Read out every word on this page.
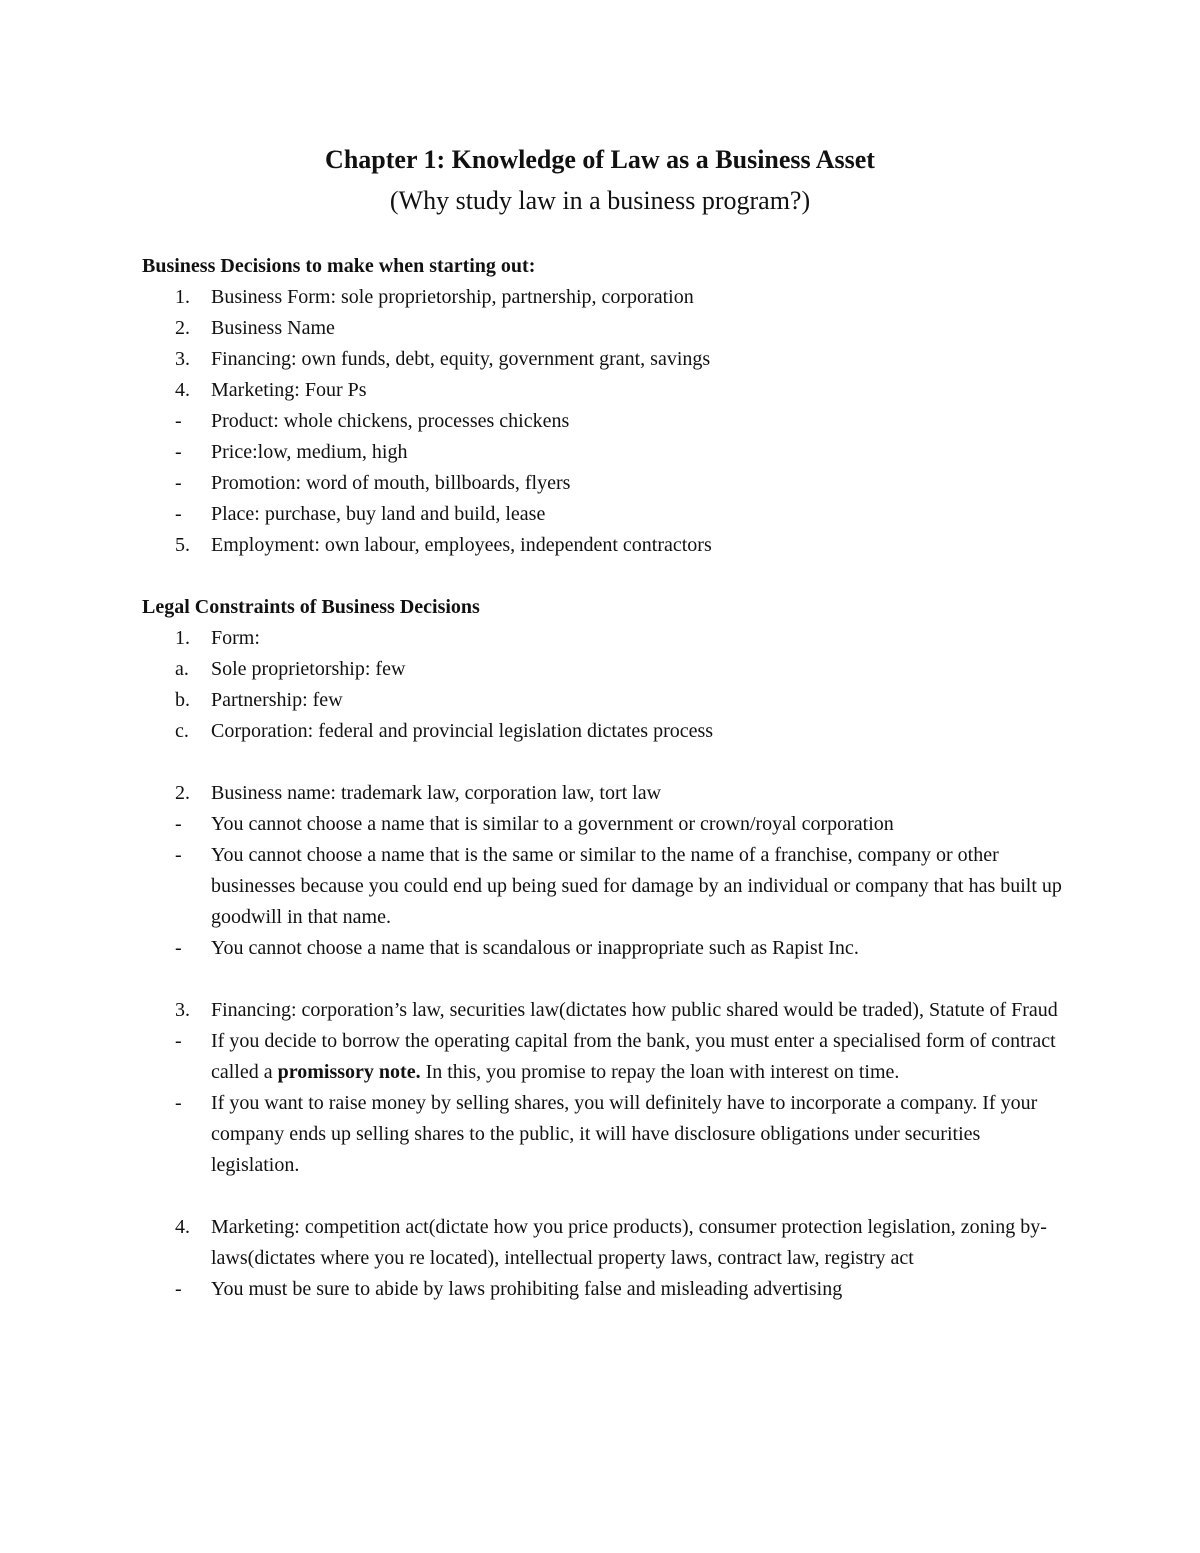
Chapter 1: Knowledge of Law as a Business Asset
(Why study law in a business program?)
Business Decisions to make when starting out:
1.	Business Form: sole proprietorship, partnership, corporation
2.	Business Name
3.	Financing: own funds, debt, equity, government grant, savings
4.	Marketing: Four Ps
-	Product: whole chickens, processes chickens
-	Price:low, medium, high
-	Promotion: word of mouth, billboards, flyers
-	Place: purchase, buy land and build, lease
5.	Employment: own labour, employees, independent contractors
Legal Constraints of Business Decisions
1.	Form:
a.	Sole proprietorship: few
b.	Partnership: few
c.	Corporation: federal and provincial legislation dictates process
2.	Business name: trademark law, corporation law, tort law
-	You cannot choose a name that is similar to a government or crown/royal corporation
-	You cannot choose a name that is the same or similar to the name of a franchise, company or other businesses because you could end up being sued for damage by an individual or company that has built up goodwill in that name.
-	You cannot choose a name that is scandalous or inappropriate such as Rapist Inc.
3.	Financing: corporation’s law, securities law(dictates how public shared would be traded), Statute of Fraud
-	If you decide to borrow the operating capital from the bank, you must enter a specialised form of contract called a promissory note. In this, you promise to repay the loan with interest on time.
-	If you want to raise money by selling shares, you will definitely have to incorporate a company. If your company ends up selling shares to the public, it will have disclosure obligations under securities legislation.
4.	Marketing: competition act(dictate how you price products), consumer protection legislation, zoning by-laws(dictates where you re located), intellectual property laws, contract law, registry act
-	You must be sure to abide by laws prohibiting false and misleading advertising
